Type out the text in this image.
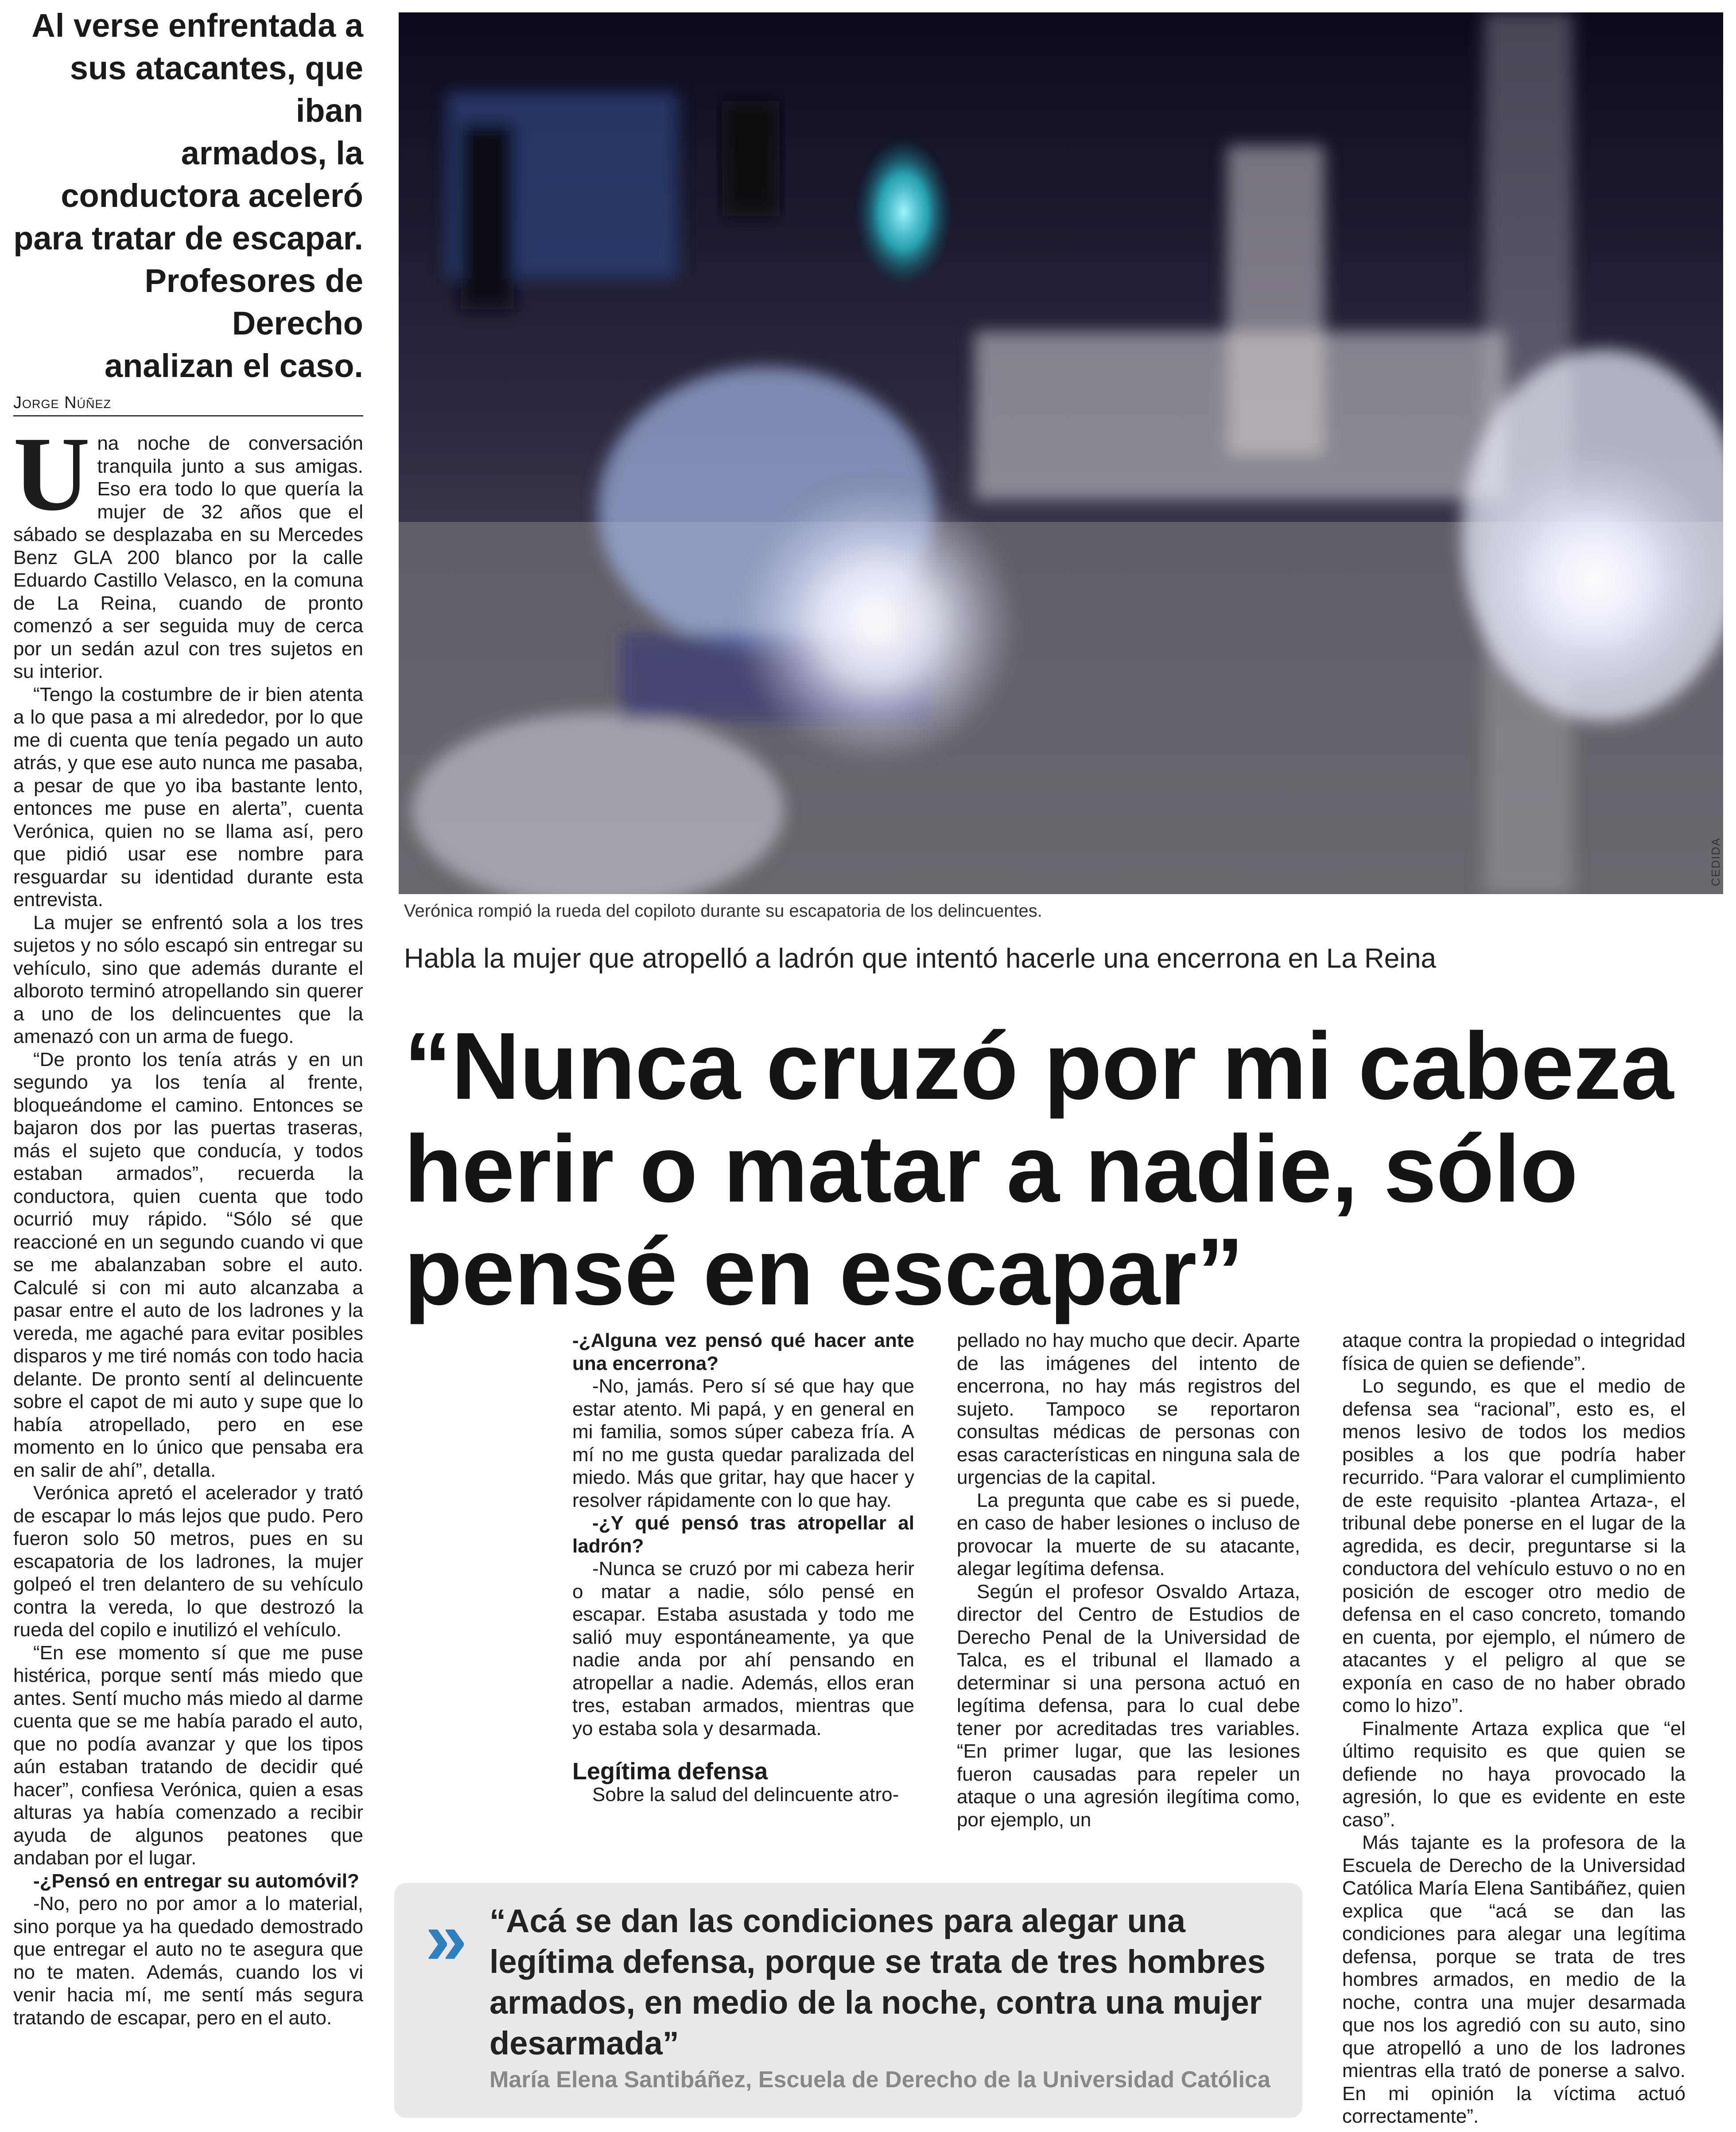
Al verse enfrentada a
sus atacantes, que iban
armados, la
conductora aceleró
para tratar de escapar.
Profesores de Derecho
analizan el caso.
Jorge Núñez
U na noche de conversación tranquila junto a sus amigas. Eso era todo lo que quería la mujer de 32 años que el sábado se desplazaba en su Mercedes Benz GLA 200 blanco por la calle Eduardo Castillo Velasco, en la comuna de La Reina, cuando de pronto comenzó a ser seguida muy de cerca por un sedán azul con tres sujetos en su interior.

“Tengo la costumbre de ir bien atenta a lo que pasa a mi alrededor, por lo que me di cuenta que tenía pegado un auto atrás, y que ese auto nunca me pasaba, a pesar de que yo iba bastante lento, entonces me puse en alerta”, cuenta Verónica, quien no se llama así, pero que pidió usar ese nombre para resguardar su identidad durante esta entrevista.

La mujer se enfrentó sola a los tres sujetos y no sólo escapó sin entregar su vehículo, sino que además durante el alboroto terminó atropellando sin querer a uno de los delincuentes que la amenazó con un arma de fuego.

“De pronto los tenía atrás y en un segundo ya los tenía al frente, bloqueándome el camino. Entonces se bajaron dos por las puertas traseras, más el sujeto que conducía, y todos estaban armados”, recuerda la conductora, quien cuenta que todo ocurrió muy rápido. “Sólo sé que reaccioné en un segundo cuando vi que se me abalanzaban sobre el auto. Calculé si con mi auto alcanzaba a pasar entre el auto de los ladrones y la vereda, me agaché para evitar posibles disparos y me tiré nomás con todo hacia delante. De pronto sentí al delincuente sobre el capot de mi auto y supe que lo había atropellado, pero en ese momento en lo único que pensaba era en salir de ahí”, detalla.

Verónica apretó el acelerador y trató de escapar lo más lejos que pudo. Pero fueron solo 50 metros, pues en su escapatoria de los ladrones, la mujer golpeó el tren delantero de su vehículo contra la vereda, lo que destrozó la rueda del copilo e inutilizó el vehículo.

“En ese momento sí que me puse histérica, porque sentí más miedo que antes. Sentí mucho más miedo al darme cuenta que se me había parado el auto, que no podía avanzar y que los tipos aún estaban tratando de decidir qué hacer”, confiesa Verónica, quien a esas alturas ya había comenzado a recibir ayuda de algunos peatones que andaban por el lugar.

-¿Pensó en entregar su automóvil?

-No, pero no por amor a lo material, sino porque ya ha quedado demostrado que entregar el auto no te asegura que no te maten. Además, cuando los vi venir hacia mí, me sentí más segura tratando de escapar, pero en el auto.

CEDIDA
Verónica rompió la rueda del copiloto durante su escapatoria de los delincuentes.
Habla la mujer que atropelló a ladrón que intentó hacerle una encerrona en La Reina
“Nunca cruzó por mi cabeza
herir o matar a nadie, sólo
pensé en escapar”

-¿Alguna vez pensó qué hacer ante una encerrona?

-No, jamás. Pero sí sé que hay que estar atento. Mi papá, y en general en mi familia, somos súper cabeza fría. A mí no me gusta quedar paralizada del miedo. Más que gritar, hay que hacer y resolver rápidamente con lo que hay.

-¿Y qué pensó tras atropellar al ladrón?

-Nunca se cruzó por mi cabeza herir o matar a nadie, sólo pensé en escapar. Estaba asustada y todo me salió muy espontáneamente, ya que nadie anda por ahí pensando en atropellar a nadie. Además, ellos eran tres, estaban armados, mientras que yo estaba sola y desarmada.

Legítima defensa

Sobre la salud del delincuente atro-

pellado no hay mucho que decir. Aparte de las imágenes del intento de encerrona, no hay más registros del sujeto. Tampoco se reportaron consultas médicas de personas con esas características en ninguna sala de urgencias de la capital.

La pregunta que cabe es si puede, en caso de haber lesiones o incluso de provocar la muerte de su atacante, alegar legítima defensa.

Según el profesor Osvaldo Artaza, director del Centro de Estudios de Derecho Penal de la Universidad de Talca, es el tribunal el llamado a determinar si una persona actuó en legítima defensa, para lo cual debe tener por acreditadas tres variables. “En primer lugar, que las lesiones fueron causadas para repeler un ataque o una agresión ilegítima como, por ejemplo, un

ataque contra la propiedad o integridad física de quien se defiende”.

Lo segundo, es que el medio de defensa sea “racional”, esto es, el menos lesivo de todos los medios posibles a los que podría haber recurrido. “Para valorar el cumplimiento de este requisito -plantea Artaza-, el tribunal debe ponerse en el lugar de la agredida, es decir, preguntarse si la conductora del vehículo estuvo o no en posición de escoger otro medio de defensa en el caso concreto, tomando en cuenta, por ejemplo, el número de atacantes y el peligro al que se exponía en caso de no haber obrado como lo hizo”.

Finalmente Artaza explica que “el último requisito es que quien se defiende no haya provocado la agresión, lo que es evidente en este caso”.

Más tajante es la profesora de la Escuela de Derecho de la Universidad Católica María Elena Santibáñez, quien explica que “acá se dan las condiciones para alegar una legítima defensa, porque se trata de tres hombres armados, en medio de la noche, contra una mujer desarmada que nos los agredió con su auto, sino que atropelló a uno de los ladrones mientras ella trató de ponerse a salvo. En mi opinión la víctima actuó correctamente”.

» “Acá se dan las condiciones para alegar una legítima defensa, porque se trata de tres hombres armados, en medio de la noche, contra una mujer desarmada”
María Elena Santibáñez, Escuela de Derecho de la Universidad Católica
